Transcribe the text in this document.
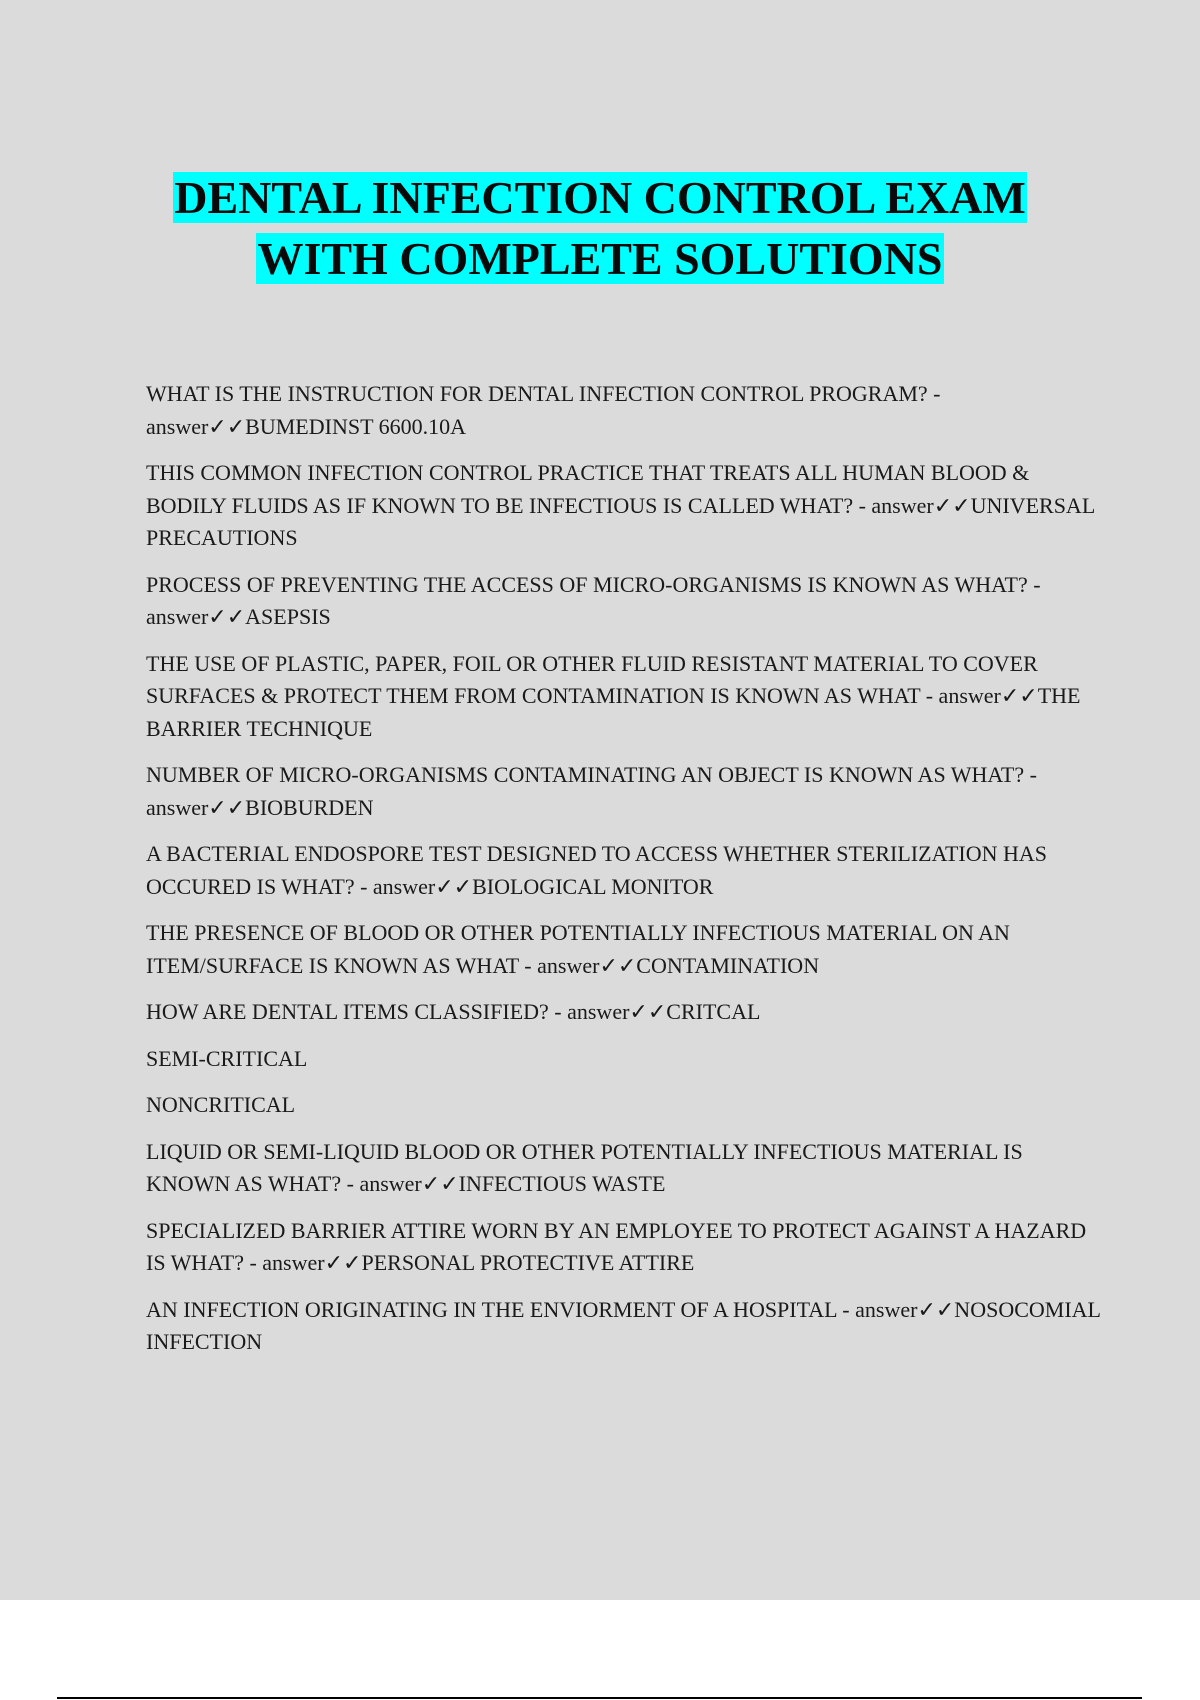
DENTAL INFECTION CONTROL EXAM
WITH COMPLETE SOLUTIONS

WHAT IS THE INSTRUCTION FOR DENTAL INFECTION CONTROL PROGRAM? - answer✓✓BUMEDINST 6600.10A

THIS COMMON INFECTION CONTROL PRACTICE THAT TREATS ALL HUMAN BLOOD & BODILY FLUIDS AS IF KNOWN TO BE INFECTIOUS IS CALLED WHAT? - answer✓✓UNIVERSAL PRECAUTIONS

PROCESS OF PREVENTING THE ACCESS OF MICRO-ORGANISMS IS KNOWN AS WHAT? - answer✓✓ASEPSIS

THE USE OF PLASTIC, PAPER, FOIL OR OTHER FLUID RESISTANT MATERIAL TO COVER SURFACES & PROTECT THEM FROM CONTAMINATION IS KNOWN AS WHAT - answer✓✓THE BARRIER TECHNIQUE

NUMBER OF MICRO-ORGANISMS CONTAMINATING AN OBJECT IS KNOWN AS WHAT? - answer✓✓BIOBURDEN

A BACTERIAL ENDOSPORE TEST DESIGNED TO ACCESS WHETHER STERILIZATION HAS OCCURED IS WHAT? - answer✓✓BIOLOGICAL MONITOR

THE PRESENCE OF BLOOD OR OTHER POTENTIALLY INFECTIOUS MATERIAL ON AN ITEM/SURFACE IS KNOWN AS WHAT - answer✓✓CONTAMINATION

HOW ARE DENTAL ITEMS CLASSIFIED? - answer✓✓CRITCAL

SEMI-CRITICAL

NONCRITICAL

LIQUID OR SEMI-LIQUID BLOOD OR OTHER POTENTIALLY INFECTIOUS MATERIAL IS KNOWN AS WHAT? - answer✓✓INFECTIOUS WASTE

SPECIALIZED BARRIER ATTIRE WORN BY AN EMPLOYEE TO PROTECT AGAINST A HAZARD IS WHAT? - answer✓✓PERSONAL PROTECTIVE ATTIRE

AN INFECTION ORIGINATING IN THE ENVIORMENT OF A HOSPITAL - answer✓✓NOSOCOMIAL INFECTION
